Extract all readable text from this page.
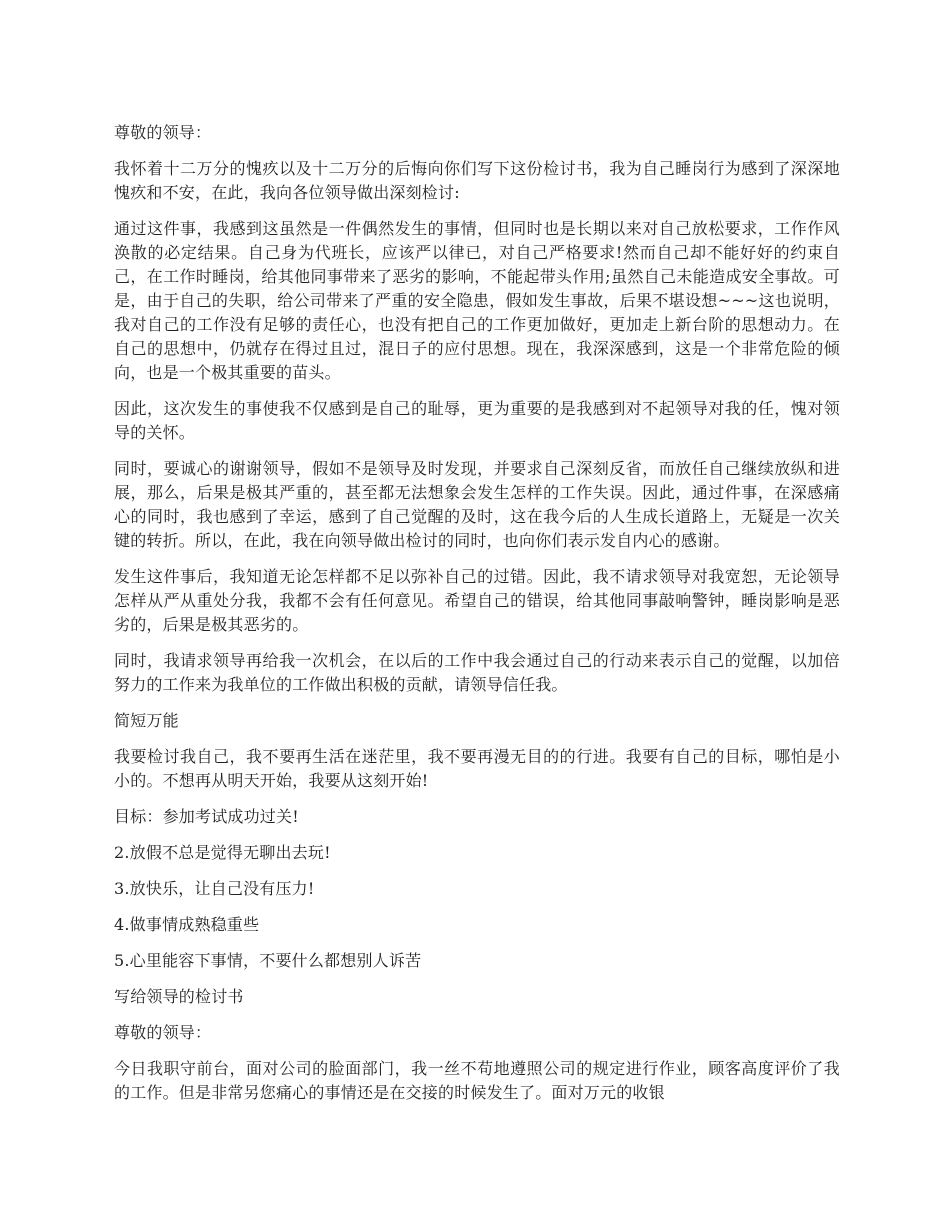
尊敬的领导：

我怀着十二万分的愧疚以及十二万分的后悔向你们写下这份检讨书，我为自己睡岗行为感到了深深地愧疚和不安，在此，我向各位领导做出深刻检讨:

通过这件事，我感到这虽然是一件偶然发生的事情，但同时也是长期以来对自己放松要求，工作作风涣散的必定结果。自己身为代班长，应该严以律已，对自己严格要求!然而自己却不能好好的约束自己，在工作时睡岗，给其他同事带来了恶劣的影响，不能起带头作用;虽然自己未能造成安全事故。可是，由于自己的失职，给公司带来了严重的安全隐患，假如发生事故，后果不堪设想~~~这也说明，我对自己的工作没有足够的责任心，也没有把自己的工作更加做好，更加走上新台阶的思想动力。在自己的思想中，仍就存在得过且过，混日子的应付思想。现在，我深深感到，这是一个非常危险的倾向，也是一个极其重要的苗头。

因此，这次发生的事使我不仅感到是自己的耻辱，更为重要的是我感到对不起领导对我的任，愧对领导的关怀。

同时，要诚心的谢谢领导，假如不是领导及时发现，并要求自己深刻反省，而放任自己继续放纵和进展，那么，后果是极其严重的，甚至都无法想象会发生怎样的工作失误。因此，通过件事，在深感痛心的同时，我也感到了幸运，感到了自己觉醒的及时，这在我今后的人生成长道路上，无疑是一次关键的转折。所以，在此，我在向领导做出检讨的同时，也向你们表示发自内心的感谢。

发生这件事后，我知道无论怎样都不足以弥补自己的过错。因此，我不请求领导对我宽恕，无论领导怎样从严从重处分我，我都不会有任何意见。希望自己的错误，给其他同事敲响警钟，睡岗影响是恶劣的，后果是极其恶劣的。

同时，我请求领导再给我一次机会，在以后的工作中我会通过自己的行动来表示自己的觉醒，以加倍努力的工作来为我单位的工作做出积极的贡献，请领导信任我。

简短万能

我要检讨我自己，我不要再生活在迷茫里，我不要再漫无目的的行进。我要有自己的目标，哪怕是小小的。不想再从明天开始，我要从这刻开始!

目标：参加考试成功过关!

2.放假不总是觉得无聊出去玩!

3.放快乐，让自己没有压力!

4.做事情成熟稳重些

5.心里能容下事情，不要什么都想别人诉苦

写给领导的检讨书

尊敬的领导：

今日我职守前台，面对公司的脸面部门，我一丝不苟地遵照公司的规定进行作业，顾客高度评价了我的工作。但是非常另您痛心的事情还是在交接的时候发生了。面对万元的收银
